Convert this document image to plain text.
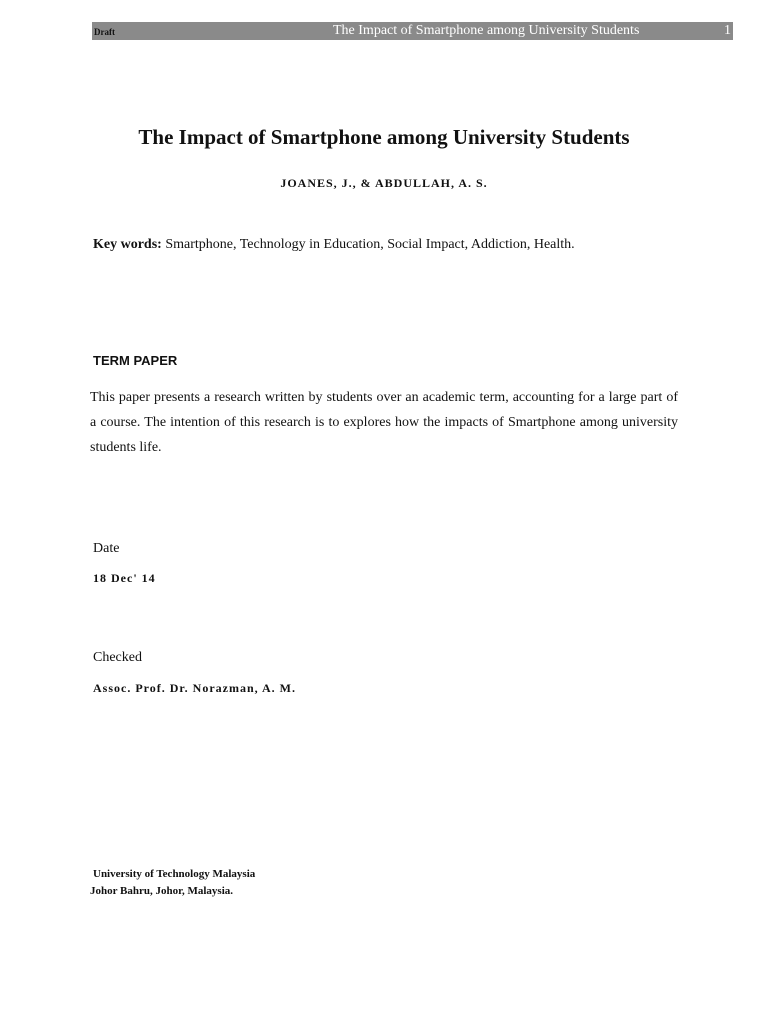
Draft	The Impact of Smartphone among University Students	1
The Impact of Smartphone among University Students
JOANES, J., & ABDULLAH, A. S.
Key words: Smartphone, Technology in Education, Social Impact, Addiction, Health.
TERM PAPER

This paper presents a research written by students over an academic term, accounting for a large part of a course. The intention of this research is to explores how the impacts of Smartphone among university students life.

Date
18 Dec' 14
Checked
Assoc. Prof. Dr. Norazman, A. M.
University of Technology Malaysia
Johor Bahru, Johor, Malaysia.
